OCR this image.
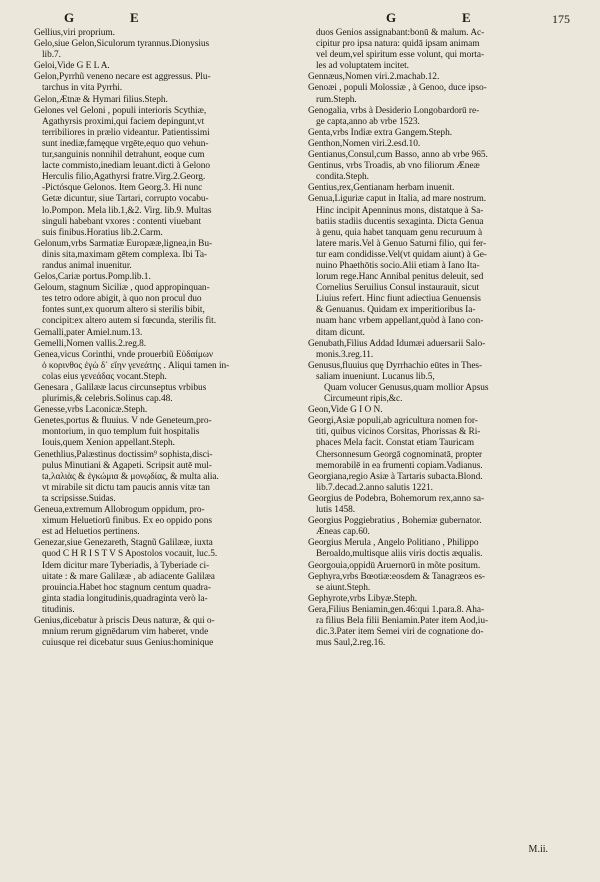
G	E	G	E	175
Gellius,viri proprium.
Gelo,siue Gelon,Siculorum tyrannus.Dionysius
lib.7.
Geloi,Vide G E L A.
Gelon,Pyrrhũ veneno necare est aggressus. Plu-
tarchus in vita Pyrrhi.
Gelon,Ætnæ & Hymari filius.Steph.
Gelones vel Geloni , populi interioris Scythiæ,
Agathyrsis proximi,qui faciem depingunt,vt
terribiliores in prælio videantur. Patientissimi
sunt inediæ,famęque vrgēte,equo quo vehun-
tur,sanguinis nonnihil detrahunt, eoque cum
lacte commisto,inediam leuant.dicti à Gelono
Herculis filio,Agathyrsi fratre.Virg.2.Georg.
-Pictósque Gelonos. Item Georg.3. Hi nunc
Getæ dicuntur, siue Tartari, corrupto vocabu-
lo.Pompon. Mela lib.1,&2. Virg. lib.9. Multas
singuli habebant vxores : contenti viuebant
suis finibus.Horatius lib.2.Carm.
Gelonum,vrbs Sarmatiæ Europææ,lignea,in Bu-
dinis sita,maximam gētem complexa. Ibi Ta-
randus animal inuenitur.
Gelos,Cariæ portus.Pomp.lib.1.
Geloum, stagnum Siciliæ , quod appropinquan-
tes tetro odore abigit, à quo non procul duo
fontes sunt,ex quorum altero si sterilis bibit,
concipit:ex altero autem si fœcunda, sterilis fit.
Gemalli,pater Amiel.num.13.
Gemelli,Nomen vallis.2.reg.8.
Genea,vicus Corinthi, vnde prouerbiũ Εὐδαίμων
ὁ κορινθος ἐγὼ δ᾽ εἴην γενεάτης . Aliqui tamen in-
colas eius γενεάδας vocant.Steph.
Genesara , Galilææ lacus circunseptus vrbibus
plurimis,& celebris.Solinus cap.48.
Genesse,vrbs Laconicæ.Steph.
Genetes,portus & fluuius. V nde Geneteum,pro-
montorium, in quo templum fuit hospitalis
Iouis,quem Xenion appellant.Steph.
Genethlius,Palæstinus doctissim⁹ sophista,disci-
pulus Minutiani & Agapeti. Scripsit autē mul-
ta,λαλιὰς & ἐγκώμια & μονῳδίας, & multa alia.
vt mirabile sit dictu tam paucis annis vitæ tan
ta scripsisse.Suidas.
Geneua,extremum Allobrogum oppidum, pro-
ximum Heluetiorū finibus. Ex eo oppido pons
est ad Heluetios pertinens.
Genezar,siue Genezareth, Stagnũ Galilææ, iuxta
quod C H R I S T V S Apostolos vocauit, luc.5.
Idem dicitur mare Tyberiadis, à Tyberiade ci-
uitate : & mare Galilææ , ab adiacente Galilæa
prouincia.Habet hoc stagnum centum quadra-
ginta stadia longitudinis,quadraginta verò la-
titudinis.
Genius,dicebatur à priscis Deus naturæ, & qui o-
mnium rerum gignēdarum vim haberet, vnde
cuiusque rei dicebatur suus Genius:hominique
duos Genios assignabant:bonū & malum. Ac-
cipitur pro ipsa natura: quidā ipsam animam
vel deum,vel spiritum esse volunt, qui morta-
les ad voluptatem incitet.
Gennæus,Nomen viri.2.machab.12.
Genoæi , populi Molossiæ , à Genoo, duce ipso-
rum.Steph.
Genogalia, vrbs à Desiderio Longobardorū re-
ge capta,anno ab vrbe 1523.
Genta,vrbs Indiæ extra Gangem.Steph.
Genthon,Nomen viri.2.esd.10.
Gentianus,Consul,cum Basso, anno ab vrbe 965.
Gentinus, vrbs Troadis, ab vno filiorum Æneæ
condita.Steph.
Gentius,rex,Gentianam herbam inuenit.
Genua,Liguriæ caput in Italia, ad mare nostrum.
Hinc incipit Apenninus mons, distatque à Sa-
batiis stadiis ducentis sexaginta. Dicta Genua
à genu, quia habet tanquam genu recuruum à
latere maris.Vel à Genuo Saturni filio, qui fer-
tur eam condidisse.Vel(vt quidam aiunt) à Ge-
nuino Phaethōtis socio.Alii etiam à Iano Ita-
lorum rege.Hanc Annibal penitus deleuit, sed
Cornelius Seruilius Consul instaurauit, sicut
Liuius refert. Hinc fiunt adiectiua Genuensis
& Genuanus. Quidam ex imperitioribus Ia-
nuam hanc vrbem appellant,quòd à Iano con-
ditam dicunt.
Genubath,Filius Addad Idumæi aduersarii Salo-
monis.3.reg.11.
Genusus,fluuius quę Dyrrhachio eūtes in Thes-
saliam inueniunt. Lucanus lib.5,
Quam volucer Genusus,quam mollior Apsus
Circumeunt ripis,&c.
Geon,Vide G I O N.
Georgi,Asiæ populi,ab agricultura nomen for-
titi, quibus vicinos Corsitas, Phorissas & Ri-
phaces Mela facit. Constat etiam Tauricam
Chersonnesum Georgā cognominatā, propter
memorabilē in ea frumenti copiam.Vadianus.
Georgiana,regio Asiæ à Tartaris subacta.Blond.
lib.7.decad.2.anno salutis 1221.
Georgius de Podebra, Bohemorum rex,anno sa-
lutis 1458.
Georgius Poggiebratius , Bohemiæ gubernator.
Æneas cap.60.
Georgius Merula , Angelo Politiano , Philippo
Beroaldo,multisque aliis viris doctis æqualis.
Georgouia,oppidū Aruernorū in mõte positum.
Gephyra,vrbs Bœotiæ:eosdem & Tanagræos es-
se aiunt.Steph.
Gephyrote,vrbs Libyæ.Steph.
Gera,Filius Beniamin,gen.46:qui 1.para.8. Aha-
ra filius Bela filii Beniamin.Pater item Aod,iu-
dic.3.Pater item Semei viri de cognatione do-
mus Saul,2.reg.16.
M.ii.
